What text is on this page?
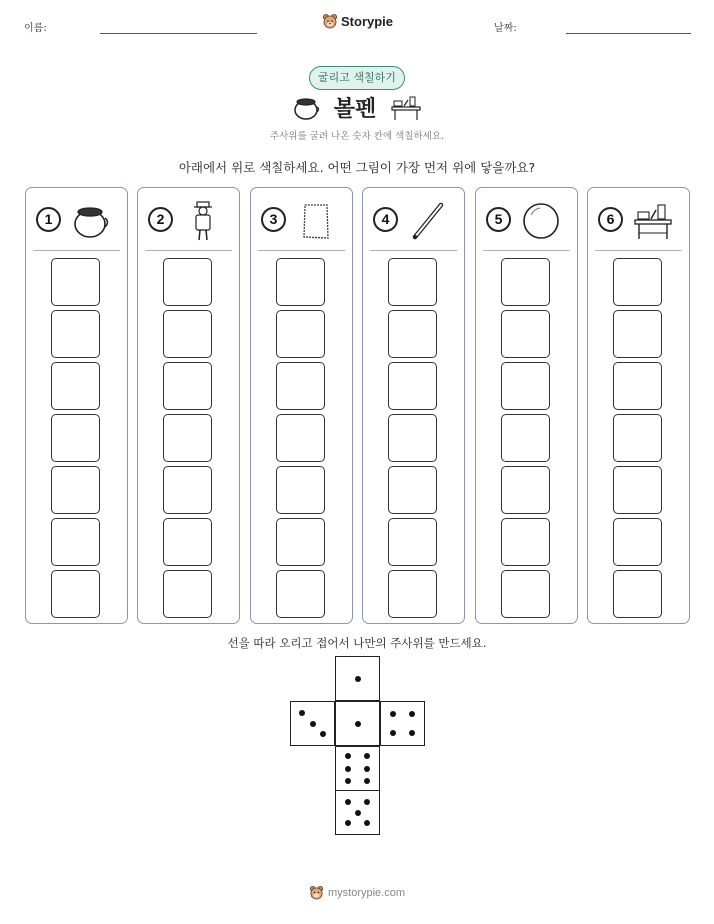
이름:	Storypie	날짜:
굴리고 색칠하기
볼펜
주사위를 굴려 나온 숫자 칸에 색칠하세요.
아래에서 위로 색칠하세요. 어떤 그림이 가장 먼저 위에 닿을까요?
1	2	3	4	5	6
선을 따라 오리고 접어서 나만의 주사위를 만드세요.
mystorypie.com
